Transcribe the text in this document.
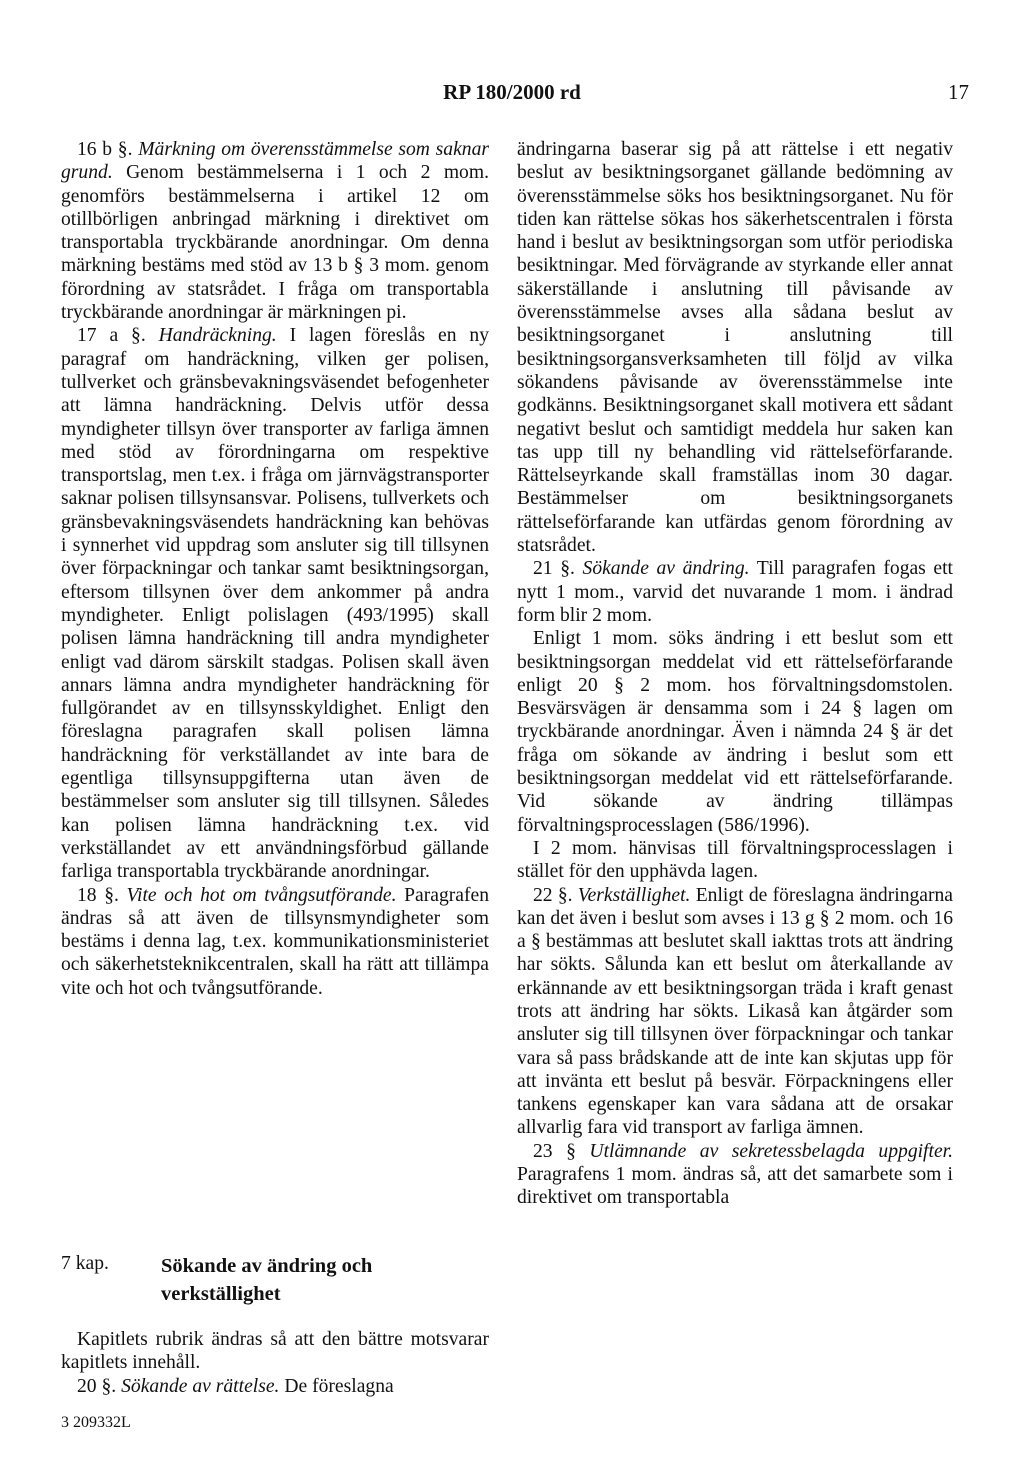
RP 180/2000 rd	17

16 b §. Märkning om överensstämmelse som saknar grund. Genom bestämmelserna i 1 och 2 mom. genomförs bestämmelserna i artikel 12 om otillbörligen anbringad märkning i direktivet om transportabla tryckbärande anordningar. Om denna märkning bestäms med stöd av 13 b § 3 mom. genom förordning av statsrådet. I fråga om transportabla tryckbärande anordningar är märkningen pi.

17 a §. Handräckning. I lagen föreslås en ny paragraf om handräckning, vilken ger polisen, tullverket och gränsbevakningsväsendet befogenheter att lämna handräckning. Delvis utför dessa myndigheter tillsyn över transporter av farliga ämnen med stöd av förordningarna om respektive transportslag, men t.ex. i fråga om järnvägstransporter saknar polisen tillsynsansvar. Polisens, tullverkets och gränsbevakningsväsendets handräckning kan behövas i synnerhet vid uppdrag som ansluter sig till tillsynen över förpackningar och tankar samt besiktningsorgan, eftersom tillsynen över dem ankommer på andra myndigheter. Enligt polislagen (493/1995) skall polisen lämna handräckning till andra myndigheter enligt vad därom särskilt stadgas. Polisen skall även annars lämna andra myndigheter handräckning för fullgörandet av en tillsynsskyldighet. Enligt den föreslagna paragrafen skall polisen lämna handräckning för verkställandet av inte bara de egentliga tillsynsuppgifterna utan även de bestämmelser som ansluter sig till tillsynen. Således kan polisen lämna handräckning t.ex. vid verkställandet av ett användningsförbud gällande farliga transportabla tryckbärande anordningar.

18 §. Vite och hot om tvångsutförande. Paragrafen ändras så att även de tillsynsmyndigheter som bestäms i denna lag, t.ex. kommunikationsministeriet och säkerhetsteknikcentralen, skall ha rätt att tillämpa vite och hot och tvångsutförande.

7 kap.	Sökande av ändring och verkställighet

Kapitlets rubrik ändras så att den bättre motsvarar kapitlets innehåll.

20 §. Sökande av rättelse. De föreslagna

3 209332L

ändringarna baserar sig på att rättelse i ett negativ beslut av besiktningsorganet gällande bedömning av överensstämmelse söks hos besiktningsorganet. Nu för tiden kan rättelse sökas hos säkerhetscentralen i första hand i beslut av besiktningsorgan som utför periodiska besiktningar. Med förvägrande av styrkande eller annat säkerställande i anslutning till påvisande av överensstämmelse avses alla sådana beslut av besiktningsorganet i anslutning till besiktningsorgansverksamheten till följd av vilka sökandens påvisande av överensstämmelse inte godkänns. Besiktningsorganet skall motivera ett sådant negativt beslut och samtidigt meddela hur saken kan tas upp till ny behandling vid rättelseförfarande. Rättelseyrkande skall framställas inom 30 dagar. Bestämmelser om besiktningsorganets rättelseförfarande kan utfärdas genom förordning av statsrådet.

21 §. Sökande av ändring. Till paragrafen fogas ett nytt 1 mom., varvid det nuvarande 1 mom. i ändrad form blir 2 mom.

Enligt 1 mom. söks ändring i ett beslut som ett besiktningsorgan meddelat vid ett rättelseförfarande enligt 20 § 2 mom. hos förvaltningsdomstolen. Besvärsvägen är densamma som i 24 § lagen om tryckbärande anordningar. Även i nämnda 24 § är det fråga om sökande av ändring i beslut som ett besiktningsorgan meddelat vid ett rättelseförfarande. Vid sökande av ändring tillämpas förvaltningsprocesslagen (586/1996).

I 2 mom. hänvisas till förvaltningsprocesslagen i stället för den upphävda lagen.

22 §. Verkställighet. Enligt de föreslagna ändringarna kan det även i beslut som avses i 13 g § 2 mom. och 16 a § bestämmas att beslutet skall iakttas trots att ändring har sökts. Sålunda kan ett beslut om återkallande av erkännande av ett besiktningsorgan träda i kraft genast trots att ändring har sökts. Likaså kan åtgärder som ansluter sig till tillsynen över förpackningar och tankar vara så pass brådskande att de inte kan skjutas upp för att invänta ett beslut på besvär. Förpackningens eller tankens egenskaper kan vara sådana att de orsakar allvarlig fara vid transport av farliga ämnen.

23 § Utlämnande av sekretessbelagda uppgifter. Paragrafens 1 mom. ändras så, att det samarbete som i direktivet om transportabla
